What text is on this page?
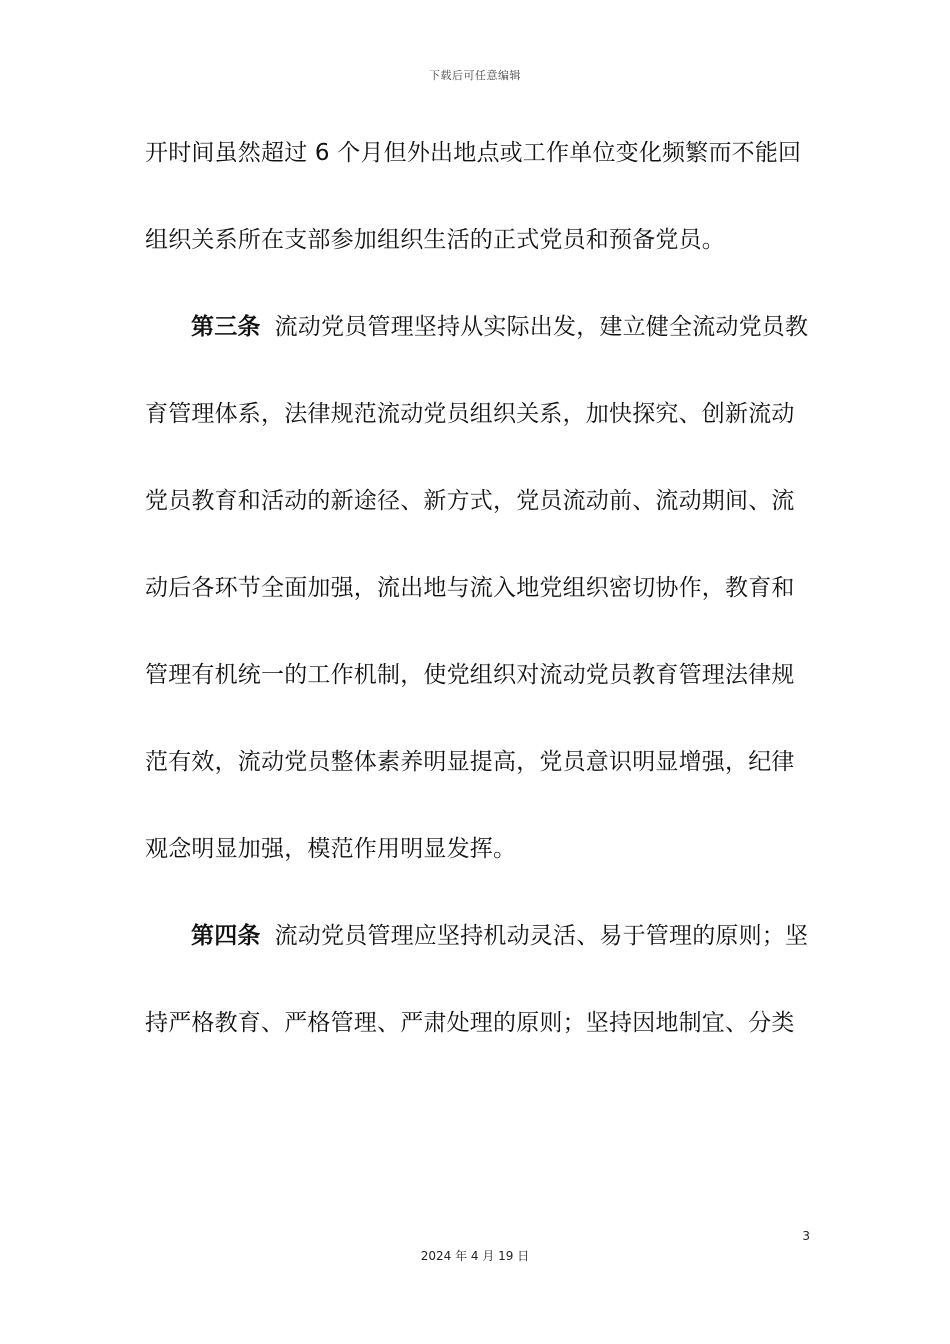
下载后可任意编辑
开时间虽然超过 6 个月但外出地点或工作单位变化频繁而不能回
组织关系所在支部参加组织生活的正式党员和预备党员。
第三条 流动党员管理坚持从实际出发，建立健全流动党员教
育管理体系，法律规范流动党员组织关系，加快探究、创新流动
党员教育和活动的新途径、新方式，党员流动前、流动期间、流
动后各环节全面加强，流出地与流入地党组织密切协作，教育和
管理有机统一的工作机制，使党组织对流动党员教育管理法律规
范有效，流动党员整体素养明显提高，党员意识明显增强，纪律
观念明显加强，模范作用明显发挥。
第四条 流动党员管理应坚持机动灵活、易于管理的原则；坚
持严格教育、严格管理、严肃处理的原则；坚持因地制宜、分类
3
2024 年 4 月 19 日
